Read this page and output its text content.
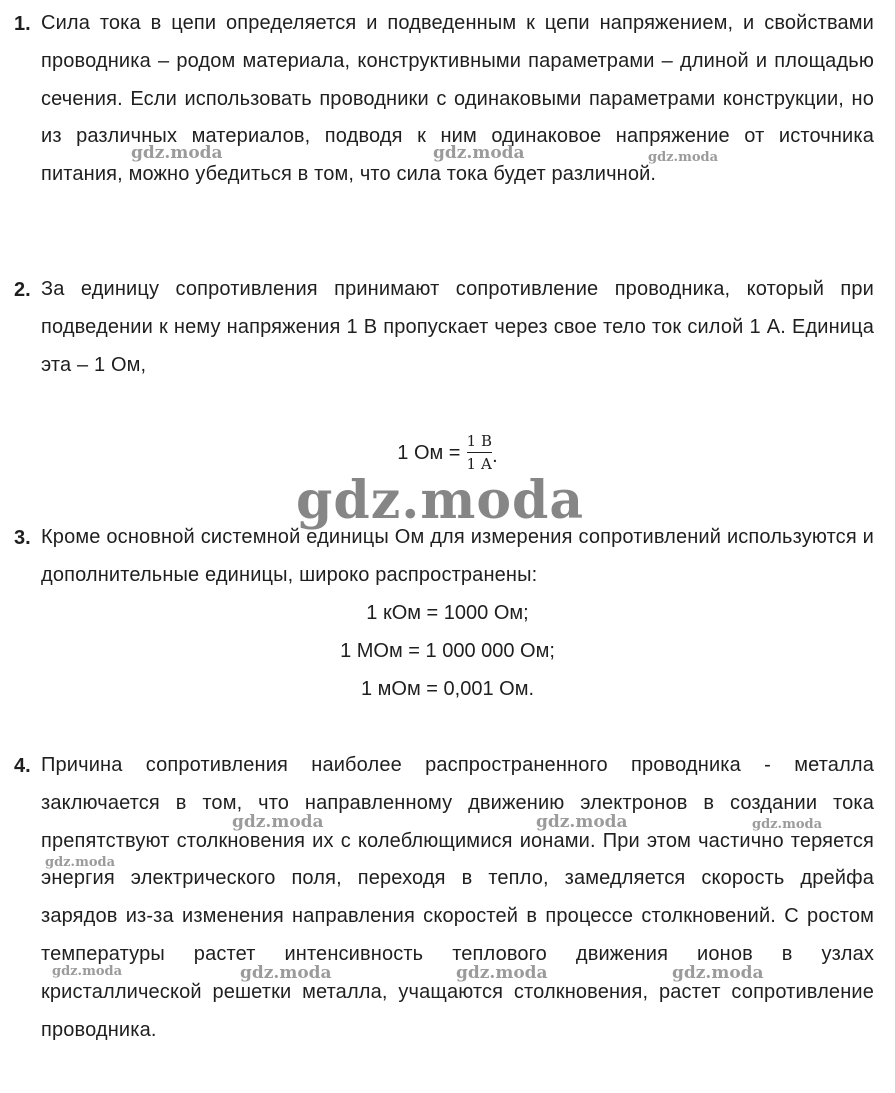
1. Сила тока в цепи определяется и подведенным к цепи напряжением, и свойствами проводника – родом материала, конструктивными параметрами – длиной и площадью сечения. Если использовать проводники с одинаковыми параметрами конструкции, но из различных материалов, подводя к ним одинаковое напряжение от источника питания, можно убедиться в том, что сила тока будет различной.
2. За единицу сопротивления принимают сопротивление проводника, который при подведении к нему напряжения 1 В пропускает через свое тело ток силой 1 А. Единица эта – 1 Ом,
1 Ом = $\frac{1 В}{1 А}$ .
3. Кроме основной системной единицы Ом для измерения сопротивлений используются и дополнительные единицы, широко распространены:
1 кОм = 1000 Ом;
1 МОм = 1 000 000 Ом;
1 мОм = 0,001 Ом.
4. Причина сопротивления наиболее распространенного проводника - металла заключается в том, что направленному движению электронов в создании тока препятствуют столкновения их с колеблющимися ионами. При этом частично теряется энергия электрического поля, переходя в тепло, замедляется скорость дрейфа зарядов из-за изменения направления скоростей в процессе столкновений. С ростом температуры растет интенсивность теплового движения ионов в узлах кристаллической решетки металла, учащаются столкновения, растет сопротивление проводника.
gdz.moda	gdz.moda	gdz.moda
gdz.moda
gdz.moda	gdz.moda	gdz.moda
gdz.moda
gdz.moda	gdz.moda	gdz.moda	gdz.moda
